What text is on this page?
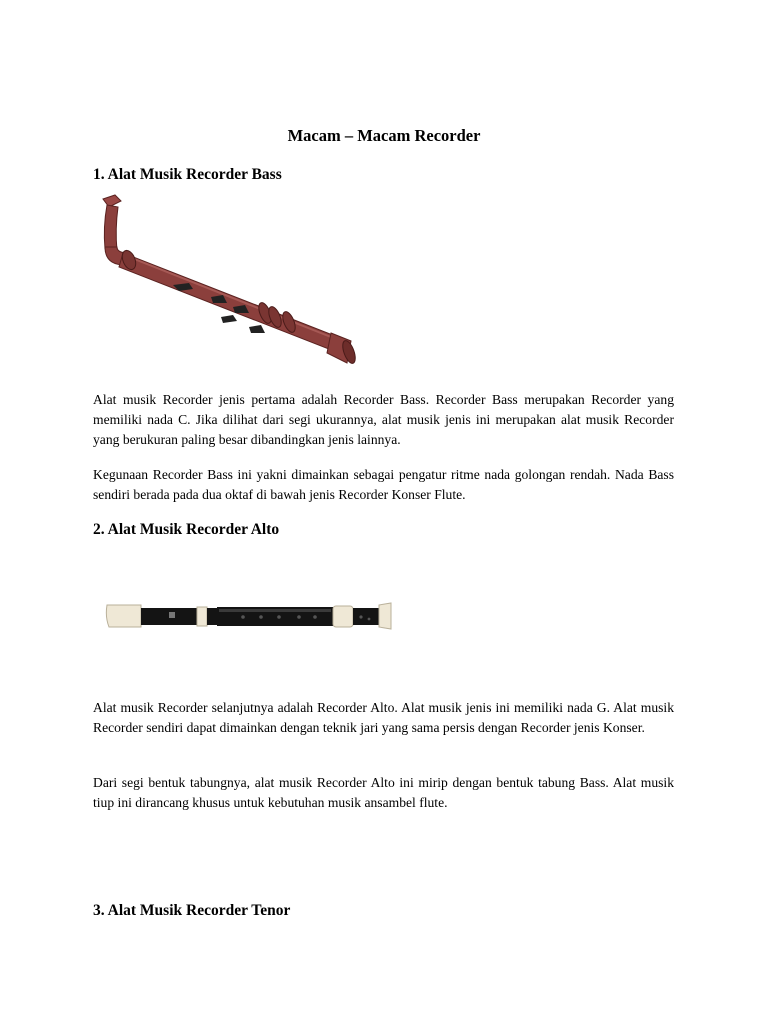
Macam – Macam Recorder
1. Alat Musik Recorder Bass
Alat musik Recorder jenis pertama adalah Recorder Bass. Recorder Bass merupakan Recorder yang memiliki nada C. Jika dilihat dari segi ukurannya, alat musik jenis ini merupakan alat musik Recorder yang berukuran paling besar dibandingkan jenis lainnya.
Kegunaan Recorder Bass ini yakni dimainkan sebagai pengatur ritme nada golongan rendah. Nada Bass sendiri berada pada dua oktaf di bawah jenis Recorder Konser Flute.
2. Alat Musik Recorder Alto
Alat musik Recorder selanjutnya adalah Recorder Alto. Alat musik jenis ini memiliki nada G. Alat musik Recorder sendiri dapat dimainkan dengan teknik jari yang sama persis dengan Recorder jenis Konser.
Dari segi bentuk tabungnya, alat musik Recorder Alto ini mirip dengan bentuk tabung Bass. Alat musik tiup ini dirancang khusus untuk kebutuhan musik ansambel flute.
3. Alat Musik Recorder Tenor
